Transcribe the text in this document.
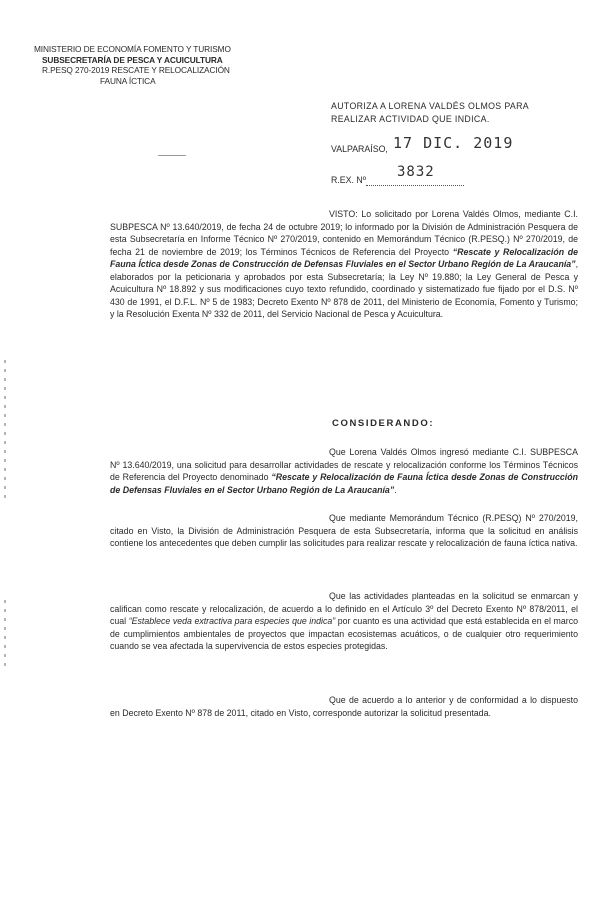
MINISTERIO DE ECONOMÍA FOMENTO Y TURISMO
SUBSECRETARÍA DE PESCA Y ACUICULTURA
R.PESQ 270-2019 RESCATE Y RELOCALIZACIÓN
FAUNA ÍCTICA
AUTORIZA A LORENA VALDÉS OLMOS PARA REALIZAR ACTIVIDAD QUE INDICA.
17 DIC. 2019
VALPARAÍSO,
3832
R.EX. Nº
VISTO: Lo solicitado por Lorena Valdés Olmos, mediante C.I. SUBPESCA Nº 13.640/2019, de fecha 24 de octubre 2019; lo informado por la División de Administración Pesquera de esta Subsecretaría en Informe Técnico Nº 270/2019, contenido en Memorándum Técnico (R.PESQ.) Nº 270/2019, de fecha 21 de noviembre de 2019; los Términos Técnicos de Referencia del Proyecto “Rescate y Relocalización de Fauna Íctica desde Zonas de Construcción de Defensas Fluviales en el Sector Urbano Región de La Araucanía”, elaborados por la peticionaria y aprobados por esta Subsecretaría; la Ley Nº 19.880; la Ley General de Pesca y Acuicultura Nº 18.892 y sus modificaciones cuyo texto refundido, coordinado y sistematizado fue fijado por el D.S. Nº 430 de 1991, el D.F.L. Nº 5 de 1983; Decreto Exento Nº 878 de 2011, del Ministerio de Economía, Fomento y Turismo; y la Resolución Exenta Nº 332 de 2011, del Servicio Nacional de Pesca y Acuicultura.
CONSIDERANDO:
Que Lorena Valdés Olmos ingresó mediante C.I. SUBPESCA Nº 13.640/2019, una solicitud para desarrollar actividades de rescate y relocalización conforme los Términos Técnicos de Referencia del Proyecto denominado “Rescate y Relocalización de Fauna Íctica desde Zonas de Construcción de Defensas Fluviales en el Sector Urbano Región de La Araucanía”.
Que mediante Memorándum Técnico (R.PESQ) Nº 270/2019, citado en Visto, la División de Administración Pesquera de esta Subsecretaría, informa que la solicitud en análisis contiene los antecedentes que deben cumplir las solicitudes para realizar rescate y relocalización de fauna íctica nativa.
Que las actividades planteadas en la solicitud se enmarcan y califican como rescate y relocalización, de acuerdo a lo definido en el Artículo 3º del Decreto Exento Nº 878/2011, el cual “Establece veda extractiva para especies que indica” por cuanto es una actividad que está establecida en el marco de cumplimientos ambientales de proyectos que impactan ecosistemas acuáticos, o de cualquier otro requerimiento cuando se vea afectada la supervivencia de estos especies protegidas.
Que de acuerdo a lo anterior y de conformidad a lo dispuesto en Decreto Exento Nº 878 de 2011, citado en Visto, corresponde autorizar la solicitud presentada.
